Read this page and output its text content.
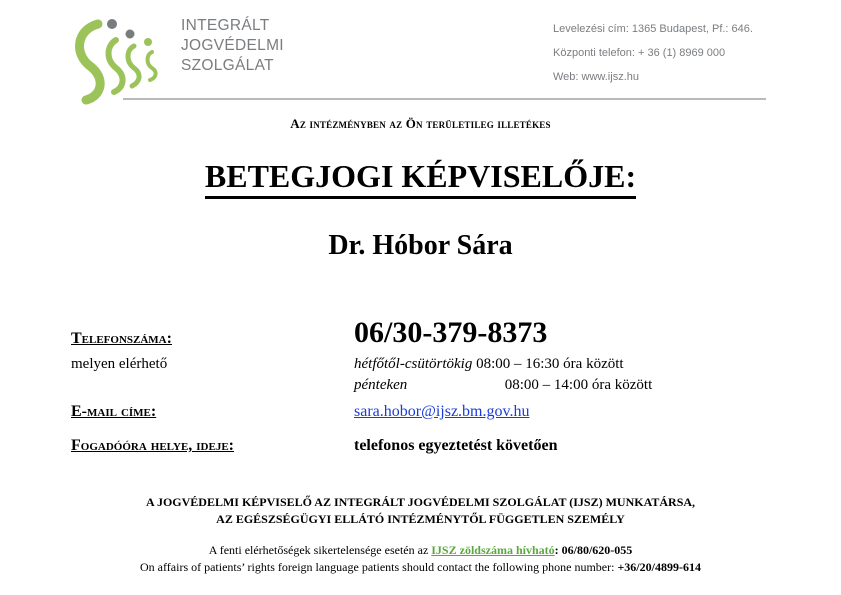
INTEGRÁLT
JOGVÉDELMI
SZOLGÁLAT
Levelezési cím: 1365 Budapest, Pf.: 646.
Központi telefon: + 36 (1) 8969 000
Web: www.ijsz.hu
Az intézményben az Ön területileg illetékes
BETEGJOGI KÉPVISELŐJE:
Dr. Hóbor Sára
Telefonszáma:	06/30-379-8373
melyen elérhető	hétfőtől-csütörtökig 08:00 – 16:30 óra között
pénteken	08:00 – 14:00 óra között
E-mail címe:	sara.hobor@ijsz.bm.gov.hu
Fogadóóra helye, ideje:	telefonos egyeztetést követően
A JOGVÉDELMI KÉPVISELŐ AZ INTEGRÁLT JOGVÉDELMI SZOLGÁLAT (IJSZ) MUNKATÁRSA,
AZ EGÉSZSÉGÜGYI ELLÁTÓ INTÉZMÉNYTŐL FÜGGETLEN SZEMÉLY
A fenti elérhetőségek sikertelensége esetén az IJSZ zöldszáma hívható: 06/80/620-055
On affairs of patients’ rights foreign language patients should contact the following phone number: +36/20/4899-614
